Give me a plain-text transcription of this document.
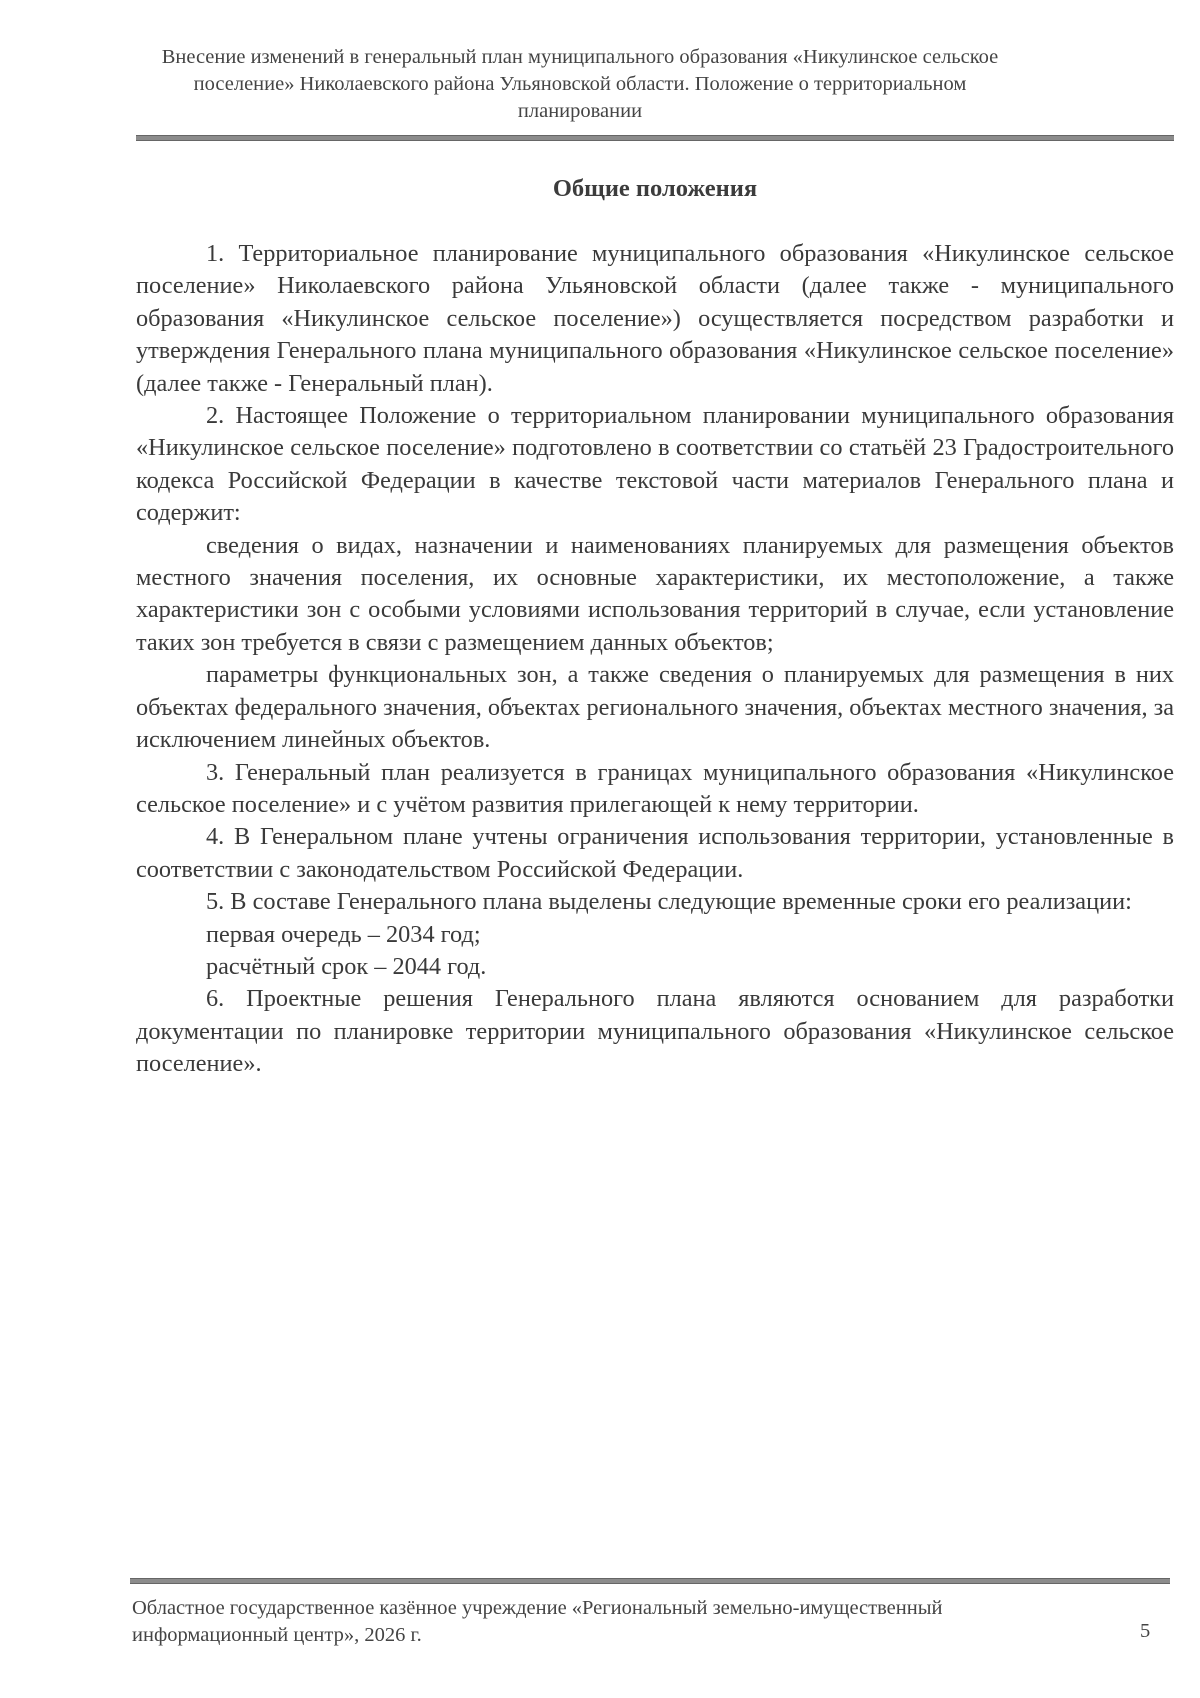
Внесение изменений в генеральный план муниципального образования «Никулинское сельское
поселение» Николаевского района Ульяновской области. Положение о территориальном
планировании
Общие положения

1. Территориальное планирование муниципального образования «Никулинское сельское поселение» Николаевского района Ульяновской области (далее также - муниципального образования «Никулинское сельское поселение») осуществляется посредством разработки и утверждения Генерального плана муниципального образования «Никулинское сельское поселение» (далее также - Генеральный план).

2. Настоящее Положение о территориальном планировании муниципального образования «Никулинское сельское поселение» подготовлено в соответствии со статьёй 23 Градостроительного кодекса Российской Федерации в качестве текстовой части материалов Генерального плана и содержит:

сведения о видах, назначении и наименованиях планируемых для размещения объектов местного значения поселения, их основные характеристики, их местоположение, а также характеристики зон с особыми условиями использования территорий в случае, если установление таких зон требуется в связи с размещением данных объектов;

параметры функциональных зон, а также сведения о планируемых для размещения в них объектах федерального значения, объектах регионального значения, объектах местного значения, за исключением линейных объектов.

3. Генеральный план реализуется в границах муниципального образования «Никулинское сельское поселение» и с учётом развития прилегающей к нему территории.

4. В Генеральном плане учтены ограничения использования территории, установленные в соответствии с законодательством Российской Федерации.

5. В составе Генерального плана выделены следующие временные сроки его реализации:

первая очередь – 2034 год;

расчётный срок – 2044 год.

6. Проектные решения Генерального плана являются основанием для разработки документации по планировке территории муниципального образования «Никулинское сельское поселение».

Областное государственное казённое учреждение «Региональный земельно-имущественный
информационный центр», 2026 г.	5
